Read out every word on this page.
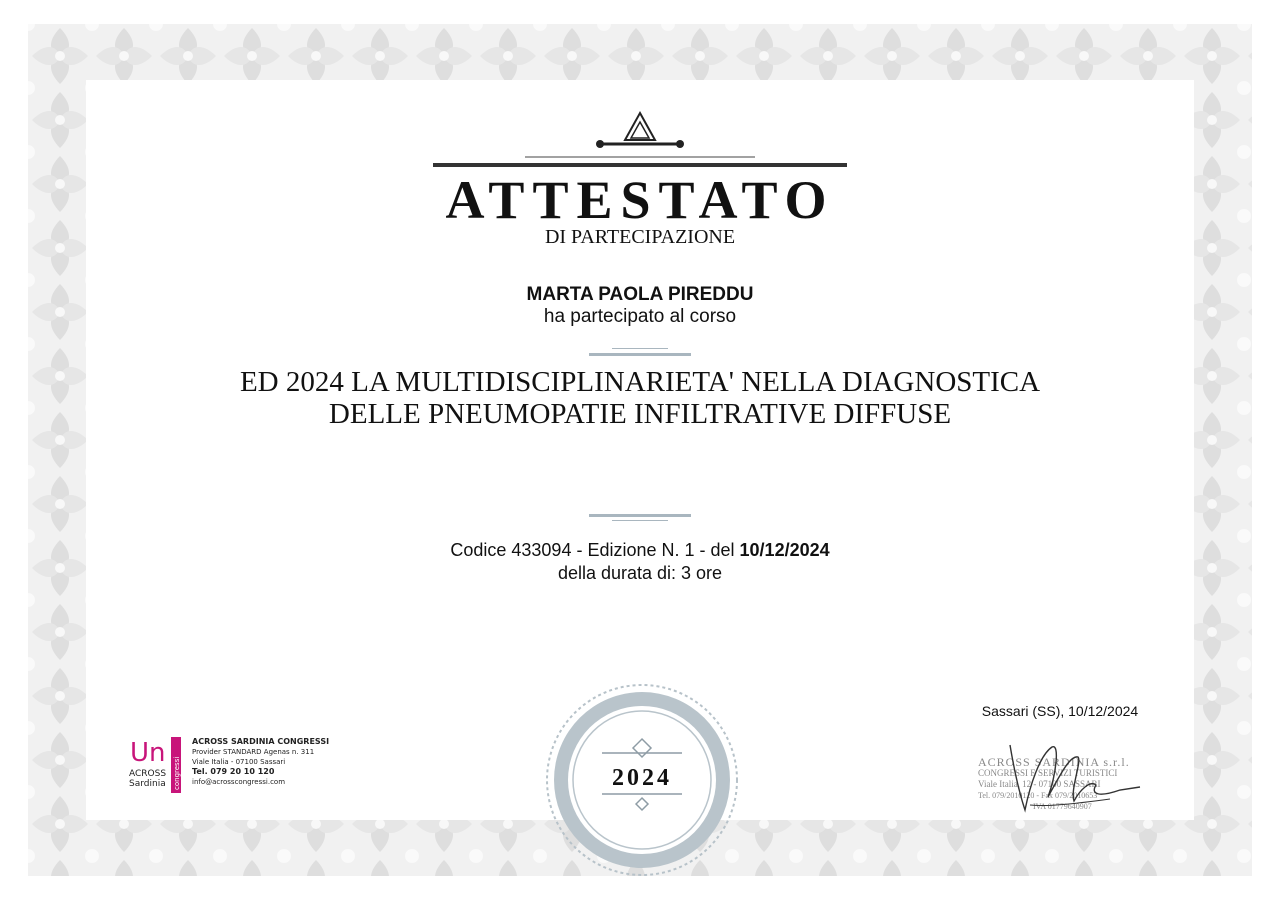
ATTESTATO
DI PARTECIPAZIONE
MARTA PAOLA PIREDDU
ha partecipato al corso
ED 2024 LA MULTIDISCIPLINARIETA' NELLA DIAGNOSTICA
DELLE PNEUMOPATIE INFILTRATIVE DIFFUSE
Codice 433094 - Edizione N. 1 - del 10/12/2024
della durata di: 3 ore
Sassari (SS), 10/12/2024
2024
Un
ACROSS
Sardinia congressi
ACROSS SARDINIA CONGRESSI
Provider STANDARD Agenas n. 311
Viale Italia - 07100 Sassari
Tel. 079 20 10 120
info@acrosscongressi.com
ACROSS SARDINIA s.r.l.
CONGRESSI E SERVIZI TURISTICI
Viale Italia, 12 - 07100 SASSARI
Tel. 079/2010120 - Fax 079/2010653
IVA 01779640907
